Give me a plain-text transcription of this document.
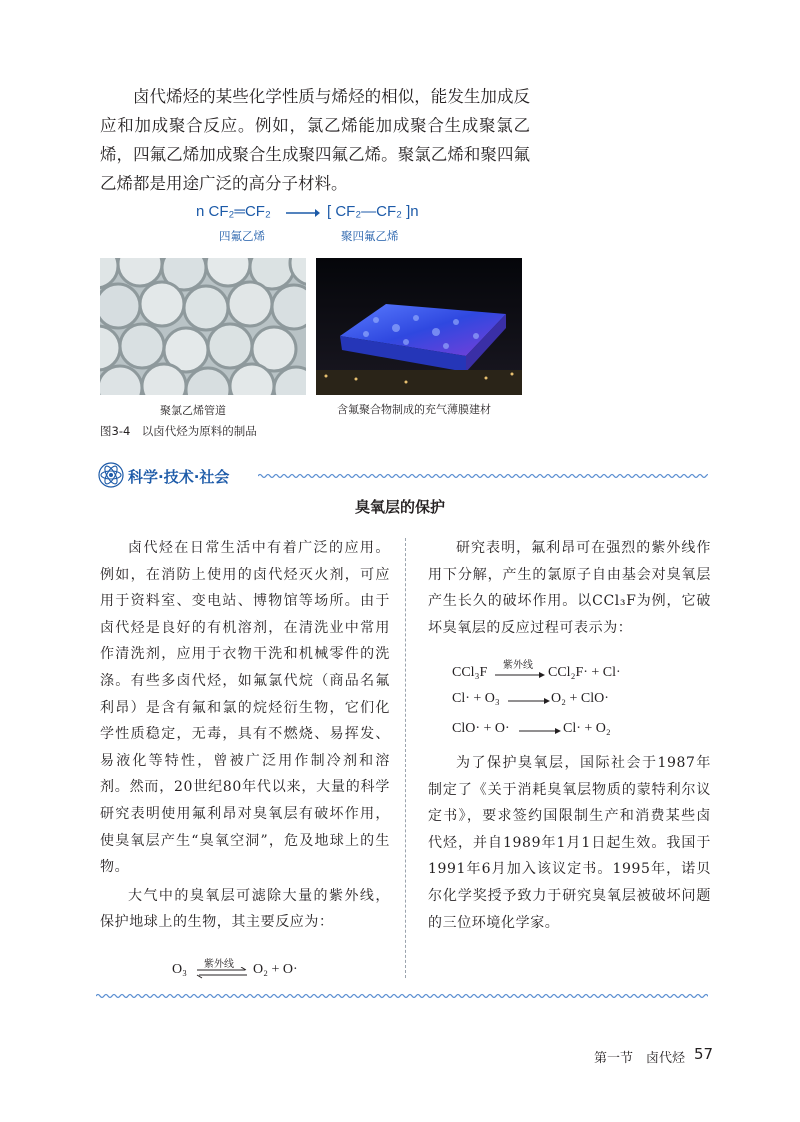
卤代烯烃的某些化学性质与烯烃的相似，能发生加成反应和加成聚合反应。例如，氯乙烯能加成聚合生成聚氯乙烯，四氟乙烯加成聚合生成聚四氟乙烯。聚氯乙烯和聚四氟乙烯都是用途广泛的高分子材料。

n CF₂═CF₂ → [ CF₂—CF₂ ]n
四氟乙烯	聚四氟乙烯
聚氯乙烯管道	含氟聚合物制成的充气薄膜建材
图3-4　以卤代烃为原料的制品
科学·技术·社会
臭氧层的保护

卤代烃在日常生活中有着广泛的应用。例如，在消防上使用的卤代烃灭火剂，可应用于资料室、变电站、博物馆等场所。由于卤代烃是良好的有机溶剂，在清洗业中常用作清洗剂，应用于衣物干洗和机械零件的洗涤。有些多卤代烃，如氟氯代烷（商品名氟利昂）是含有氟和氯的烷烃衍生物，它们化学性质稳定，无毒，具有不燃烧、易挥发、易液化等特性，曾被广泛用作制冷剂和溶剂。然而，20世纪80年代以来，大量的科学研究表明使用氟利昂对臭氧层有破坏作用，使臭氧层产生“臭氧空洞”，危及地球上的生物。

大气中的臭氧层可滤除大量的紫外线，保护地球上的生物，其主要反应为：

O₃ 紫外线 ⇌ O₂ + O·

研究表明，氟利昂可在强烈的紫外线作用下分解，产生的氯原子自由基会对臭氧层产生长久的破坏作用。以CCl₃F为例，它破坏臭氧层的反应过程可表示为：

CCl₃F 紫外线 CCl₂F· + Cl·
Cl· + O₃	O₂ + ClO·
ClO· + O·	Cl· + O₂

为了保护臭氧层，国际社会于1987年制定了《关于消耗臭氧层物质的蒙特利尔议定书》，要求签约国限制生产和消费某些卤代烃，并自1989年1月1日起生效。我国于1991年6月加入该议定书。1995年，诺贝尔化学奖授予致力于研究臭氧层被破坏问题的三位环境化学家。

第一节　卤代烃 57
